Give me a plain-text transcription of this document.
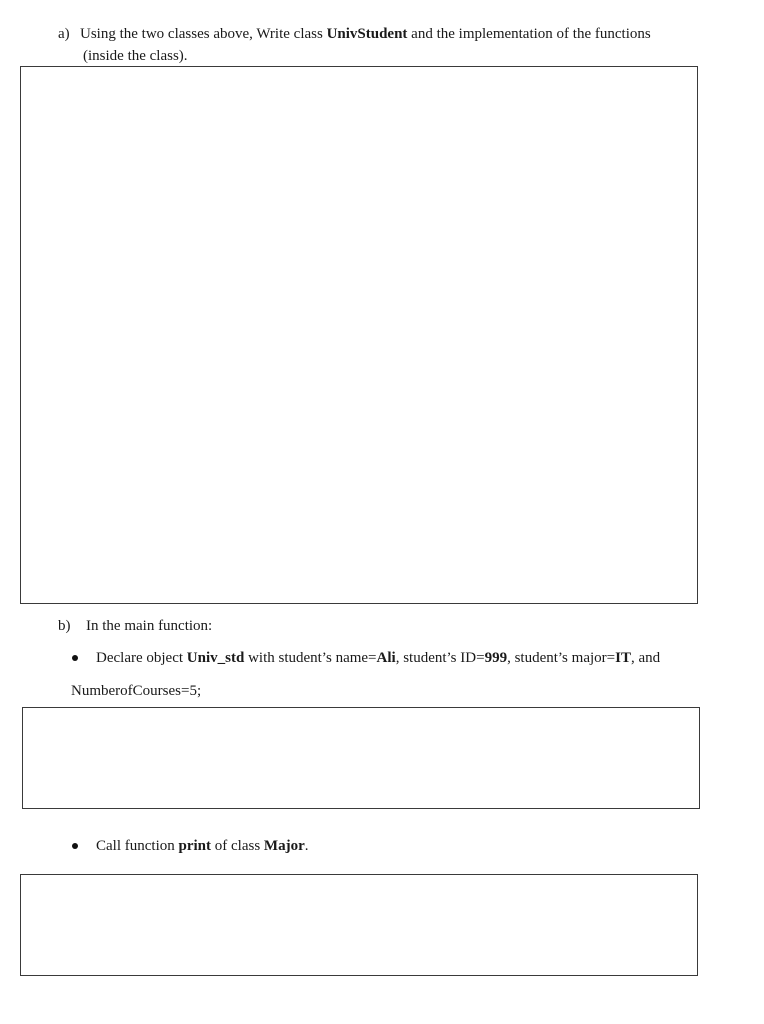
a) Using the two classes above, Write class UnivStudent and the implementation of the functions
(inside the class).
b) In the main function:
Declare object Univ_std with student’s name=Ali, student’s ID=999, student’s major=IT, and
NumberofCourses=5;
Call function print of class Major.
